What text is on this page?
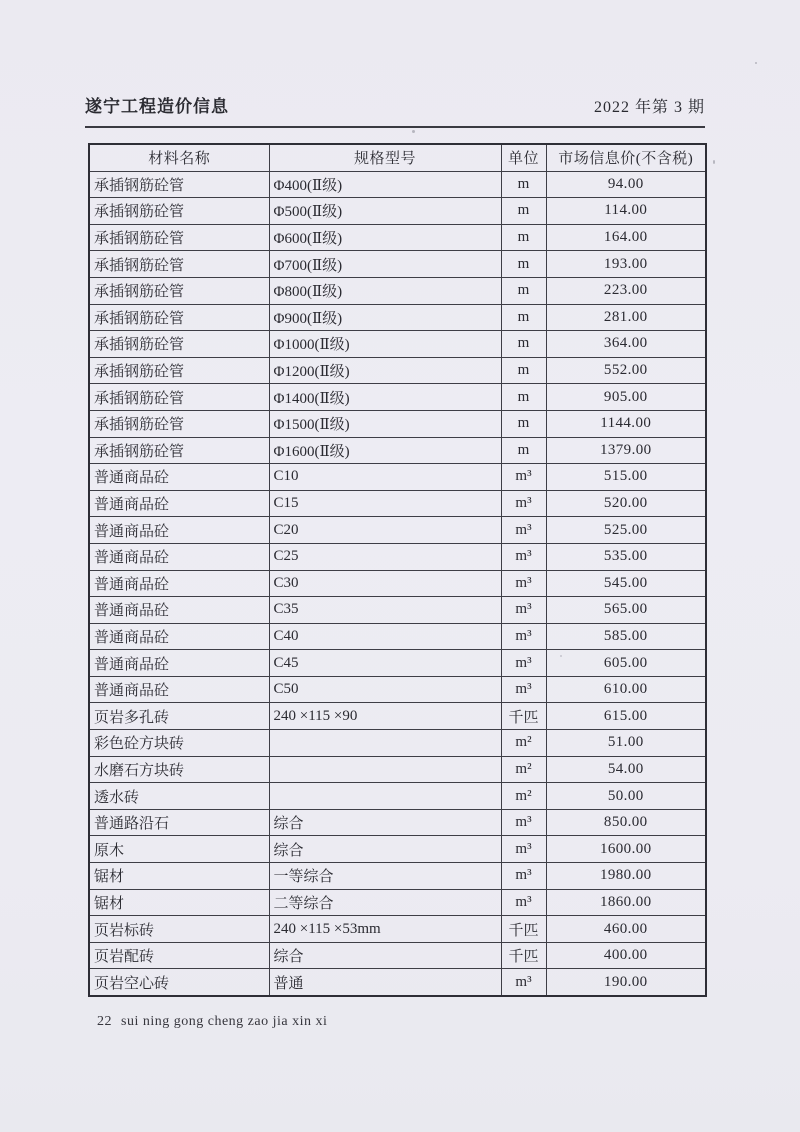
遂宁工程造价信息	2022 年第 3 期
材料名称	规格型号	单位	市场信息价(不含税)
承插钢筋砼管	Φ400(Ⅱ级)	m	94.00
承插钢筋砼管	Φ500(Ⅱ级)	m	114.00
承插钢筋砼管	Φ600(Ⅱ级)	m	164.00
承插钢筋砼管	Φ700(Ⅱ级)	m	193.00
承插钢筋砼管	Φ800(Ⅱ级)	m	223.00
承插钢筋砼管	Φ900(Ⅱ级)	m	281.00
承插钢筋砼管	Φ1000(Ⅱ级)	m	364.00
承插钢筋砼管	Φ1200(Ⅱ级)	m	552.00
承插钢筋砼管	Φ1400(Ⅱ级)	m	905.00
承插钢筋砼管	Φ1500(Ⅱ级)	m	1144.00
承插钢筋砼管	Φ1600(Ⅱ级)	m	1379.00
普通商品砼	C10	m³	515.00
普通商品砼	C15	m³	520.00
普通商品砼	C20	m³	525.00
普通商品砼	C25	m³	535.00
普通商品砼	C30	m³	545.00
普通商品砼	C35	m³	565.00
普通商品砼	C40	m³	585.00
普通商品砼	C45	m³	605.00
普通商品砼	C50	m³	610.00
页岩多孔砖	240 ×115 ×90	千匹	615.00
彩色砼方块砖		m²	51.00
水磨石方块砖		m²	54.00
透水砖		m²	50.00
普通路沿石	综合	m³	850.00
原木	综合	m³	1600.00
锯材	一等综合	m³	1980.00
锯材	二等综合	m³	1860.00
页岩标砖	240 ×115 ×53mm	千匹	460.00
页岩配砖	综合	千匹	400.00
页岩空心砖	普通	m³	190.00
22 sui ning gong cheng zao jia xin xi
